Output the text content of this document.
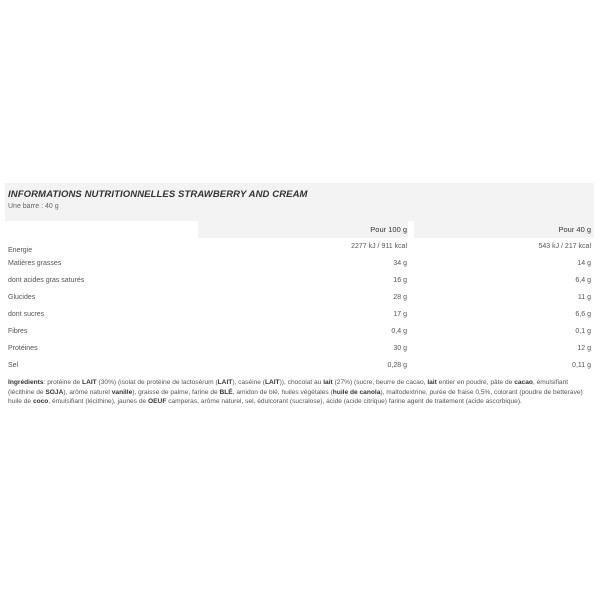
INFORMATIONS NUTRITIONNELLES STRAWBERRY AND CREAM
Une barre : 40 g
	Pour 100 g		Pour 40 g
Energie	2277 kJ / 911 kcal		543 kJ / 217 kcal
Matières grasses	34 g		14 g
dont acides gras saturés	16 g		6,4 g
Glucides	28 g		11 g
dont sucres	17 g		6,6 g
Fibres	0,4 g		0,1 g
Protéines	30 g		12 g
Sel	0,28 g		0,11 g
Ingrédients: protéine de LAIT (30%) (isolat de protéine de lactosérum (LAIT), caséine (LAIT)), chocolat au lait (27%) (sucre, beurre de cacao, lait entier en poudre, pâte de cacao, émulsifiant (lécithine de SOJA), arôme naturel vanille), graisse de palme, farine de BLÉ, amidon de blé, huiles végétales (huile de canola), maltodextrine, purée de fraise 0,5%, colorant (poudre de betterave) huile de coco, émulsifiant (lécithine), jaunes de OEUF camperas, arôme naturel, sel, édulcorant (sucralose), acide (acide citrique) farine agent de traitement (acide ascorbique).
